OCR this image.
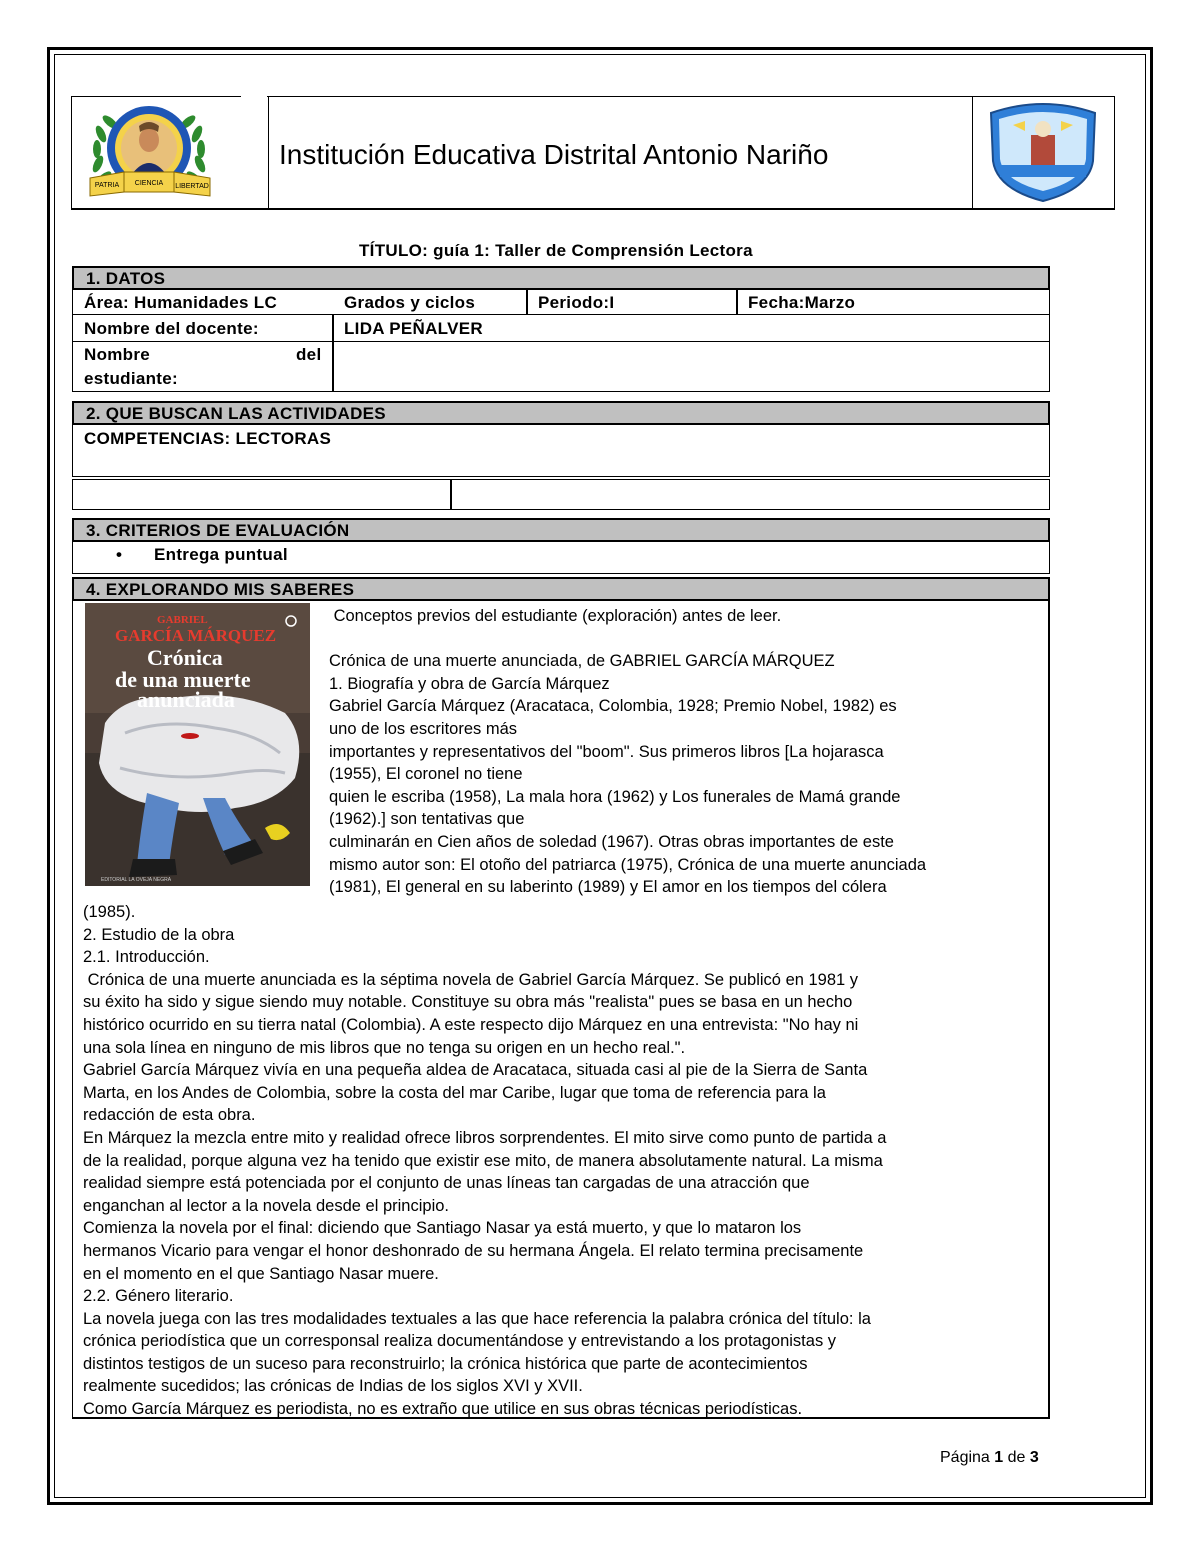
PATRIA CIENCIA LIBERTAD
Institución Educativa Distrital Antonio Nariño
TÍTULO: guía 1: Taller de Comprensión Lectora
1. DATOS
Área: Humanidades LC	Grados y ciclos	Periodo:I	Fecha:Marzo
Nombre del docente:	LIDA PEÑALVER
Nombre	del
estudiante:
2. QUE BUSCAN LAS ACTIVIDADES
COMPETENCIAS: LECTORAS
3. CRITERIOS DE EVALUACIÓN
• Entrega puntual
4. EXPLORANDO MIS SABERES
GABRIEL
GARCÍA MÁRQUEZ
Crónica
de una muerte
anunciada
EDITORIAL LA OVEJA NEGRA
Conceptos previos del estudiante (exploración) antes de leer.
Crónica de una muerte anunciada, de GABRIEL GARCÍA MÁRQUEZ
1. Biografía y obra de García Márquez
Gabriel García Márquez (Aracataca, Colombia, 1928; Premio Nobel, 1982) es
uno de los escritores más
importantes y representativos del "boom". Sus primeros libros [La hojarasca
(1955), El coronel no tiene
quien le escriba (1958), La mala hora (1962) y Los funerales de Mamá grande
(1962).] son tentativas que
culminarán en Cien años de soledad (1967). Otras obras importantes de este
mismo autor son: El otoño del patriarca (1975), Crónica de una muerte anunciada
(1981), El general en su laberinto (1989) y El amor en los tiempos del cólera
(1985).
2. Estudio de la obra
2.1. Introducción.
Crónica de una muerte anunciada es la séptima novela de Gabriel García Márquez. Se publicó en 1981 y
su éxito ha sido y sigue siendo muy notable. Constituye su obra más "realista" pues se basa en un hecho
histórico ocurrido en su tierra natal (Colombia). A este respecto dijo Márquez en una entrevista: "No hay ni
una sola línea en ninguno de mis libros que no tenga su origen en un hecho real.".
Gabriel García Márquez vivía en una pequeña aldea de Aracataca, situada casi al pie de la Sierra de Santa
Marta, en los Andes de Colombia, sobre la costa del mar Caribe, lugar que toma de referencia para la
redacción de esta obra.
En Márquez la mezcla entre mito y realidad ofrece libros sorprendentes. El mito sirve como punto de partida a
de la realidad, porque alguna vez ha tenido que existir ese mito, de manera absolutamente natural. La misma
realidad siempre está potenciada por el conjunto de unas líneas tan cargadas de una atracción que
enganchan al lector a la novela desde el principio.
Comienza la novela por el final: diciendo que Santiago Nasar ya está muerto, y que lo mataron los
hermanos Vicario para vengar el honor deshonrado de su hermana Ángela. El relato termina precisamente
en el momento en el que Santiago Nasar muere.
2.2. Género literario.
La novela juega con las tres modalidades textuales a las que hace referencia la palabra crónica del título: la
crónica periodística que un corresponsal realiza documentándose y entrevistando a los protagonistas y
distintos testigos de un suceso para reconstruirlo; la crónica histórica que parte de acontecimientos
realmente sucedidos; las crónicas de Indias de los siglos XVI y XVII.
Como García Márquez es periodista, no es extraño que utilice en sus obras técnicas periodísticas.
Página 1 de 3
